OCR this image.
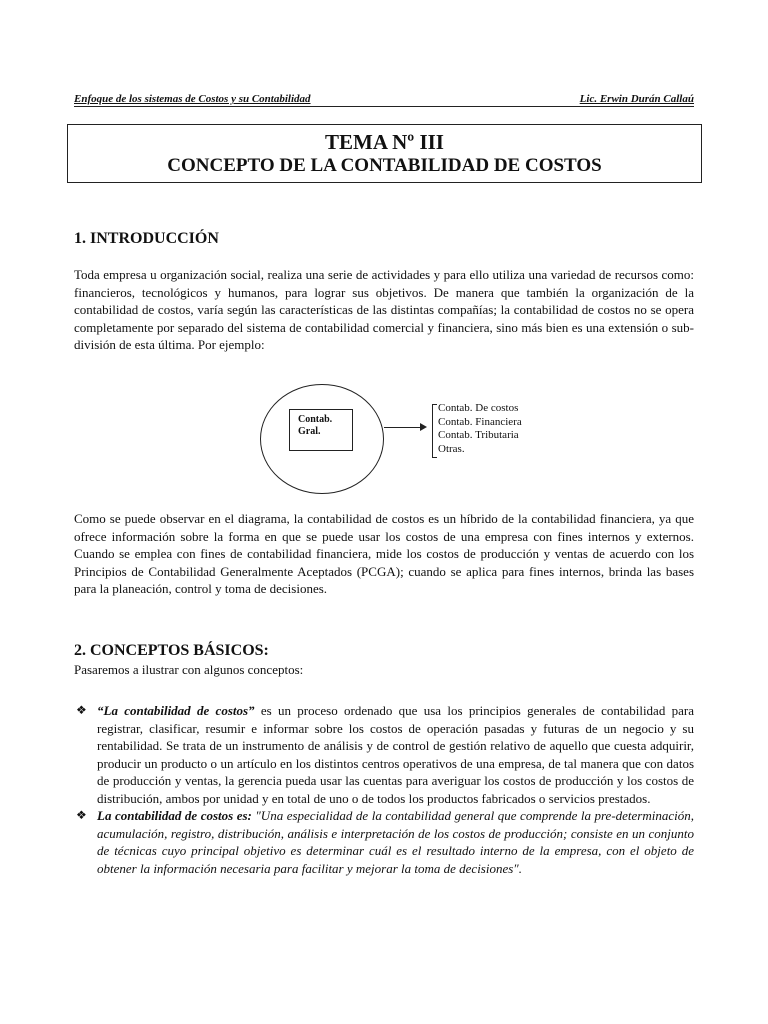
Enfoque de los sistemas de Costos y su Contabilidad	Lic. Erwin Durán Callaú
TEMA Nº III
CONCEPTO DE LA CONTABILIDAD DE COSTOS
1. INTRODUCCIÓN

Toda empresa u organización social, realiza una serie de actividades y para ello utiliza una variedad de recursos como: financieros, tecnológicos y humanos, para lograr sus objetivos. De manera que también la organización de la contabilidad de costos, varía según las características de las distintas compañías; la contabilidad de costos no se opera completamente por separado del sistema de contabilidad comercial y financiera, sino más bien es una extensión o sub-división de esta última. Por ejemplo:

Contab.
Gral.
Contab. De costos
Contab. Financiera
Contab. Tributaria
Otras.

Como se puede observar en el diagrama, la contabilidad de costos es un híbrido de la contabilidad financiera, ya que ofrece información sobre la forma en que se puede usar los costos de una empresa con fines internos y externos. Cuando se emplea con fines de contabilidad financiera, mide los costos de producción y ventas de acuerdo con los Principios de Contabilidad Generalmente Aceptados (PCGA); cuando se aplica para fines internos, brinda las bases para la planeación, control y toma de decisiones.

2. CONCEPTOS BÁSICOS:

Pasaremos a ilustrar con algunos conceptos:

❖ “La contabilidad de costos” es un proceso ordenado que usa los principios generales de contabilidad para registrar, clasificar, resumir e informar sobre los costos de operación pasadas y futuras de un negocio y su rentabilidad. Se trata de un instrumento de análisis y de control de gestión relativo de aquello que cuesta adquirir, producir un producto o un artículo en los distintos centros operativos de una empresa, de tal manera que con datos de producción y ventas, la gerencia pueda usar las cuentas para averiguar los costos de producción y los costos de distribución, ambos por unidad y en total de uno o de todos los productos fabricados o servicios prestados.
❖ La contabilidad de costos es: ″Una especialidad de la contabilidad general que comprende la pre-determinación, acumulación, registro, distribución, análisis e interpretación de los costos de producción; consiste en un conjunto de técnicas cuyo principal objetivo es determinar cuál es el resultado interno de la empresa, con el objeto de obtener la información necesaria para facilitar y mejorar la toma de decisiones″.
